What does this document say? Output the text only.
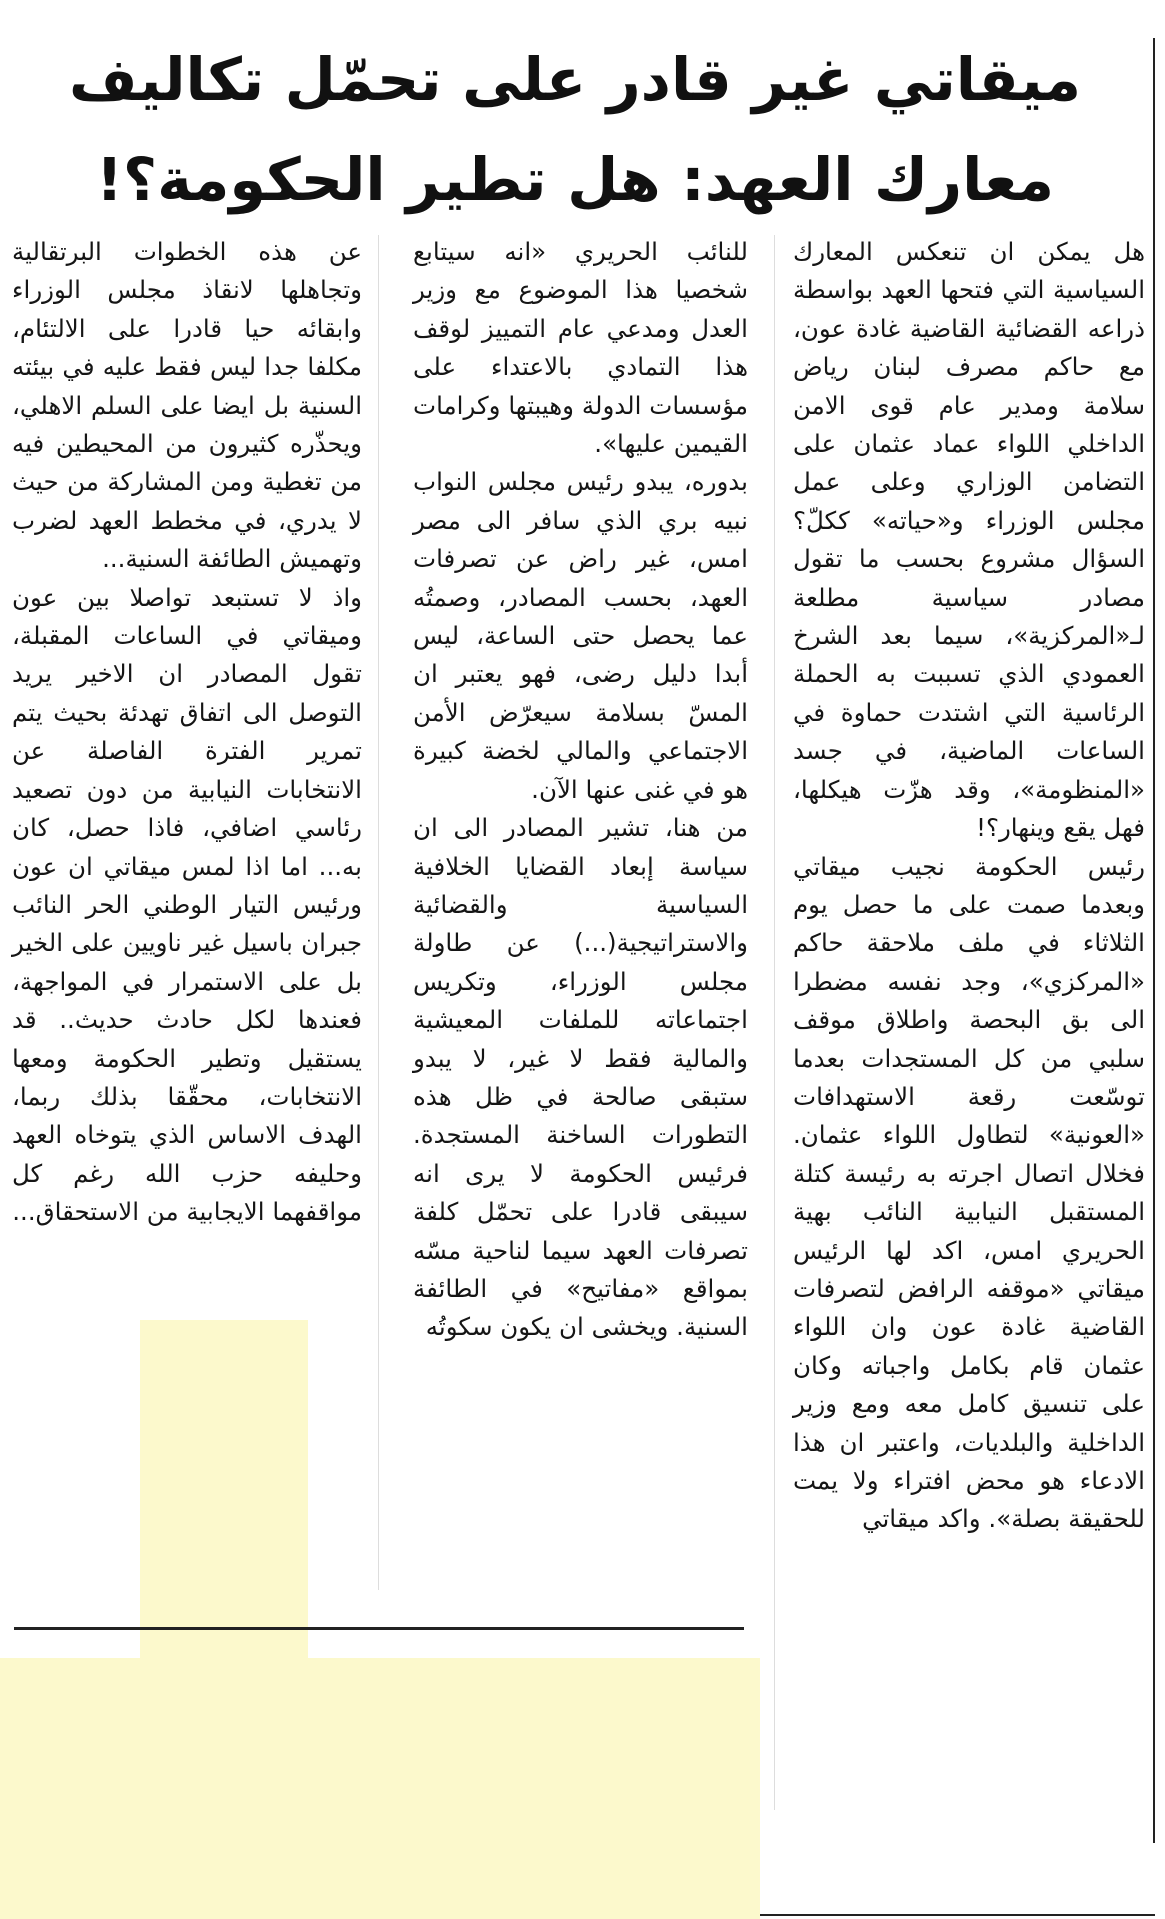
ميقاتي غير قادر على تحمّل تكاليف
معارك العهد: هل تطير الحكومة؟!

هل يمكن ان تنعكس المعارك السياسية التي فتحها العهد بواسطة ذراعه القضائية القاضية غادة عون، مع حاكم مصرف لبنان رياض سلامة ومدير عام قوى الامن الداخلي اللواء عماد عثمان على التضامن الوزاري وعلى عمل مجلس الوزراء و«حياته» ككلّ؟ السؤال مشروع بحسب ما تقول مصادر سياسية مطلعة لـ«المركزية»، سيما بعد الشرخ العمودي الذي تسببت به الحملة الرئاسية التي اشتدت حماوة في الساعات الماضية، في جسد «المنظومة»، وقد هزّت هيكلها، فهل يقع وينهار؟!

رئيس الحكومة نجيب ميقاتي وبعدما صمت على ما حصل يوم الثلاثاء في ملف ملاحقة حاكم «المركزي»، وجد نفسه مضطرا الى بق البحصة واطلاق موقف سلبي من كل المستجدات بعدما توسّعت رقعة الاستهدافات «العونية» لتطاول اللواء عثمان. فخلال اتصال اجرته به رئيسة كتلة المستقبل النيابية النائب بهية الحريري امس، اكد لها الرئيس ميقاتي «موقفه الرافض لتصرفات القاضية غادة عون وان اللواء عثمان قام بكامل واجباته وكان على تنسيق كامل معه ومع وزير الداخلية والبلديات، واعتبر ان هذا الادعاء هو محض افتراء ولا يمت للحقيقة بصلة». واكد ميقاتي

للنائب الحريري «انه سيتابع شخصيا هذا الموضوع مع وزير العدل ومدعي عام التمييز لوقف هذا التمادي بالاعتداء على مؤسسات الدولة وهيبتها وكرامات القيمين عليها».

بدوره، يبدو رئيس مجلس النواب نبيه بري الذي سافر الى مصر امس، غير راض عن تصرفات العهد، بحسب المصادر، وصمتُه عما يحصل حتى الساعة، ليس أبدا دليل رضى، فهو يعتبر ان المسّ بسلامة سيعرّض الأمن الاجتماعي والمالي لخضة كبيرة هو في غنى عنها الآن.

من هنا، تشير المصادر الى ان سياسة إبعاد القضايا الخلافية السياسية والقضائية والاستراتيجية(...) عن طاولة مجلس الوزراء، وتكريس اجتماعاته للملفات المعيشية والمالية فقط لا غير، لا يبدو ستبقى صالحة في ظل هذه التطورات الساخنة المستجدة. فرئيس الحكومة لا يرى انه سيبقى قادرا على تحمّل كلفة تصرفات العهد سيما لناحية مسّه بمواقع «مفاتيح» في الطائفة السنية. ويخشى ان يكون سكوتُه

عن هذه الخطوات البرتقالية وتجاهلها لانقاذ مجلس الوزراء وابقائه حيا قادرا على الالتئام، مكلفا جدا ليس فقط عليه في بيئته السنية بل ايضا على السلم الاهلي، ويحذّره كثيرون من المحيطين فيه من تغطية ومن المشاركة من حيث لا يدري، في مخطط العهد لضرب وتهميش الطائفة السنية...

واذ لا تستبعد تواصلا بين عون وميقاتي في الساعات المقبلة، تقول المصادر ان الاخير يريد التوصل الى اتفاق تهدئة بحيث يتم تمرير الفترة الفاصلة عن الانتخابات النيابية من دون تصعيد رئاسي اضافي، فاذا حصل، كان به... اما اذا لمس ميقاتي ان عون ورئيس التيار الوطني الحر النائب جبران باسيل غير ناويين على الخير بل على الاستمرار في المواجهة، فعندها لكل حادث حديث.. قد يستقيل وتطير الحكومة ومعها الانتخابات، محقّقا بذلك ربما، الهدف الاساس الذي يتوخاه العهد وحليفه حزب الله رغم كل مواقفهما الايجابية من الاستحقاق...
